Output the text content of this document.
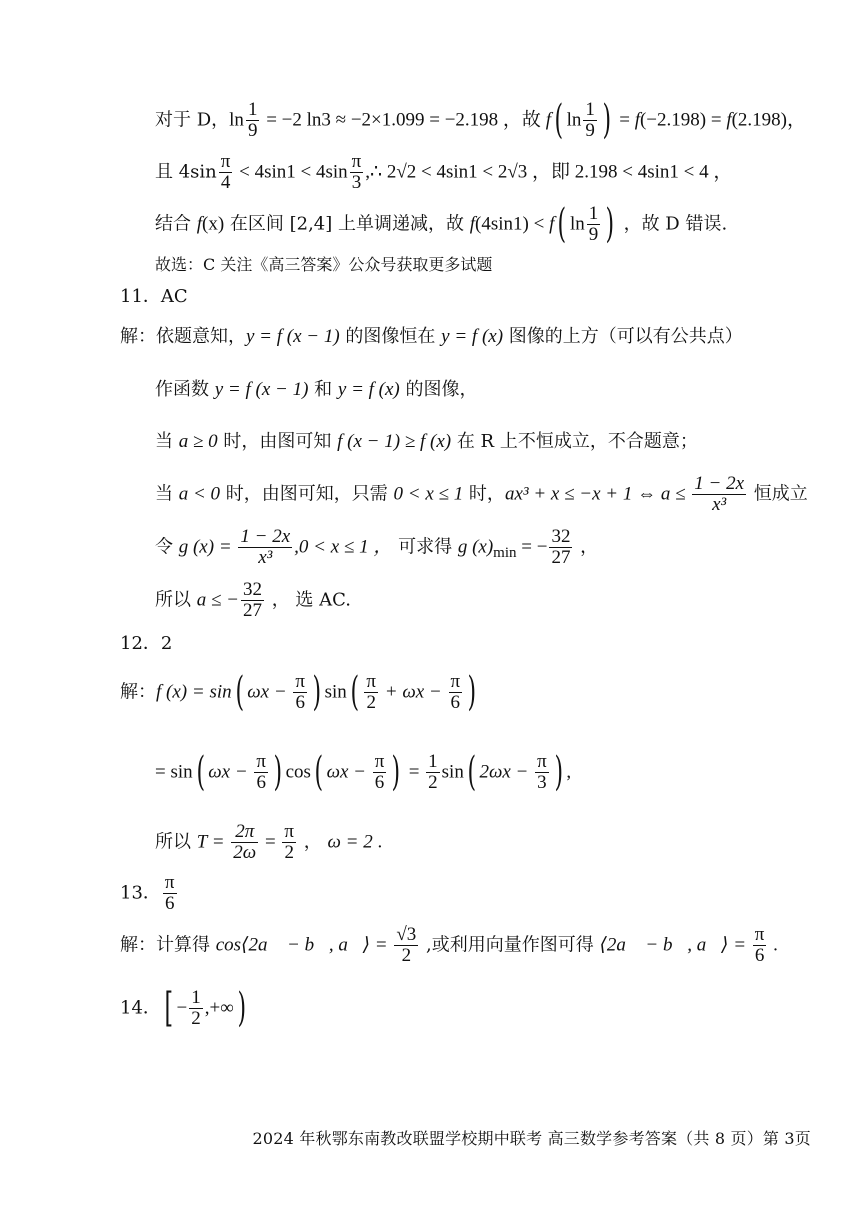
对于 D，$\ln \frac{1}{9} = -2$ ln3 ≈ −2×1.099 = −2.198 ，故 f( $\ln \frac{1}{9}$ ) = f(−2.198) = f(2.198)，
且 $4\sin \frac{\pi}{4} < 4\sin 1 < 4\sin \frac{\pi}{3}$ ,∴ 2√2 < 4sin1 < 2√3 ，即 2.198 < 4sin1 < 4 ，
结合 f(x) 在区间 [2,4] 上单调递减，故 f(4sin1) < f( $\ln \frac{1}{9}$ ) ，故 D 错误.
故选：C 关注《高三答案》公众号获取更多试题
11．AC
解：依题意知，y = f (x − 1) 的图像恒在 y = f (x) 图像的上方（可以有公共点）
作函数 y = f (x − 1) 和 y = f (x) 的图像，
当 a ≥ 0 时，由图可知 f (x − 1) ≥ f (x) 在 R 上不恒成立，不合题意；
当 a < 0 时，由图可知，只需 0 < x ≤ 1 时，ax³ + x ≤ −x + 1 ⇔ $a \le \frac{1 - 2x}{\text{x³}}$ 恒成立
令 g $(x) = \frac{1 - 2x}{\text{x³}} ,0 < x \le 1$ ， 可求得 g $(x)_{min}$ = − $\frac{32}{27}$ ，
所以 a ≤ − $\frac{32}{27}$ ， 选 AC.
12．2
解：f (x) = sin( $\omega x - \frac{\pi}{6}$ ) $\sin( \frac{\pi}{2} + \omega x - \frac{\pi}{6}$ )
= sin( $\omega x - \frac{\pi}{6}$ ) cos( $\omega x - \frac{\pi}{6}$ ) = $\frac{1}{2} \sin$( $2\omega x - \frac{\pi}{3}$ ) ,
所以 $T = \frac{2\pi}{2\omega} = \frac{\pi}{2}$ ， ω = 2 .
13． $\frac{\pi}{6}$
解：计算得 cos⟨2a⃗ − b⃗, a⃗⟩ = $\frac{√3}{2}$ ,或利用向量作图可得 ⟨2a⃗ − b⃗, a⃗⟩ = $\frac{\pi}{6}$ .
14．[ − $\frac{1}{2}$ ,+∞)
2024 年秋鄂东南教改联盟学校期中联考 高三数学参考答案（共 8 页）第 3页
